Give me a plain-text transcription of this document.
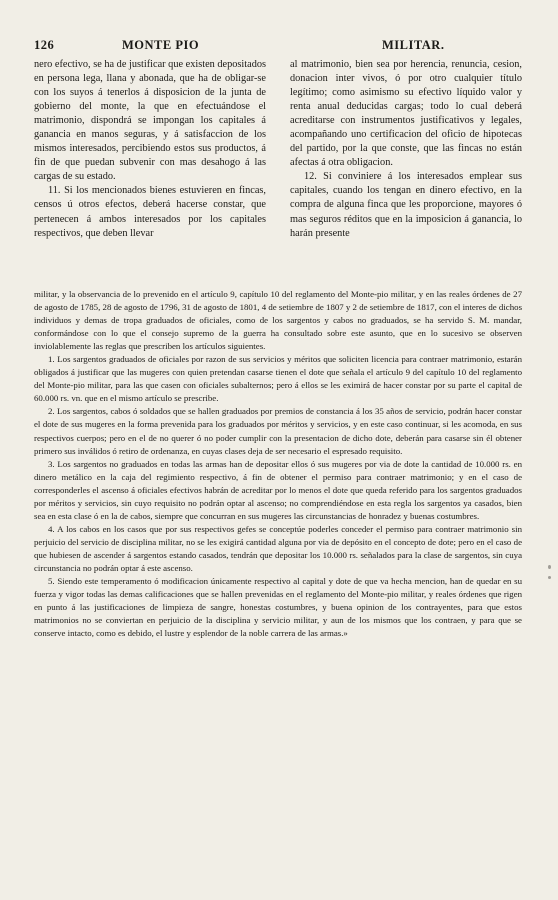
126	MONTE PIO	MILITAR.

nero efectivo, se ha de justificar que existen depositados en persona lega, llana y abonada, que ha de obligar-se con los suyos á tenerlos á disposicion de la junta de gobierno del monte, la que en efectuándose el matrimonio, dispondrá se impongan los capitales á ganancia en manos seguras, y á satisfaccion de los mismos interesados, percibiendo estos sus productos, á fin de que puedan subvenir con mas desahogo á las cargas de su estado.

11. Si los mencionados bienes estuvieren en fincas, censos ú otros efectos, deberá hacerse constar, que pertenecen á ambos interesados por los capitales respectivos, que deben llevar

al matrimonio, bien sea por herencia, renuncia, cesion, donacion inter vivos, ó por otro cualquier título legítimo; como asimismo su efectivo líquido valor y renta anual deducidas cargas; todo lo cual deberá acreditarse con instrumentos justificativos y legales, acompañando uno certificacion del oficio de hipotecas del partido, por la que conste, que las fincas no están afectas á otra obligacion.

12. Si conviniere á los interesados emplear sus capitales, cuando los tengan en dinero efectivo, en la compra de alguna finca que les proporcione, mayores ó mas seguros réditos que en la imposicion á ganancia, lo harán presente

militar, y la observancia de lo prevenido en el artículo 9, capítulo 10 del reglamento del Monte-pio militar, y en las reales órdenes de 27 de agosto de 1785, 28 de agosto de 1796, 31 de agosto de 1801, 4 de setiembre de 1807 y 2 de setiembre de 1817, con el interes de dichos individuos y demas de tropa graduados de oficiales, como de los sargentos y cabos no graduados, se ha servido S. M. mandar, conformándose con lo que el consejo supremo de la guerra ha consultado sobre este asunto, que en lo sucesivo se observen inviolablemente las reglas que prescriben los artículos siguientes.

1. Los sargentos graduados de oficiales por razon de sus servicios y méritos que soliciten licencia para contraer matrimonio, estarán obligados á justificar que las mugeres con quien pretendan casarse tienen el dote que señala el artículo 9 del capítulo 10 del reglamento del Monte-pio militar, para las que casen con oficiales subalternos; pero á ellos se les eximirá de hacer constar por su parte el capital de 60.000 rs. vn. que en el mismo artículo se prescribe.

2. Los sargentos, cabos ó soldados que se hallen graduados por premios de constancia á los 35 años de servicio, podrán hacer constar el dote de sus mugeres en la forma prevenida para los graduados por méritos y servicios, y en este caso continuar, si les acomoda, en sus respectivos cuerpos; pero en el de no querer ó no poder cumplir con la presentacion de dicho dote, deberán para casarse sin él obtener primero sus inválidos ó retiro de ordenanza, en cuyas clases deja de ser necesario el espresado requisito.

3. Los sargentos no graduados en todas las armas han de depositar ellos ó sus mugeres por via de dote la cantidad de 10.000 rs. en dinero metálico en la caja del regimiento respectivo, á fin de obtener el permiso para contraer matrimonio; y en el caso de corresponderles el ascenso á oficiales efectivos habrán de acreditar por lo menos el dote que queda referido para los sargentos graduados por méritos y servicios, sin cuyo requisito no podrán optar al ascenso; no comprendiéndose en esta regla los sargentos ya casados, bien sea en esta clase ó en la de cabos, siempre que concurran en sus mugeres las circunstancias de honradez y buenas costumbres.

4. A los cabos en los casos que por sus respectivos gefes se conceptúe poderles conceder el permiso para contraer matrimonio sin perjuicio del servicio de disciplina militar, no se les exigirá cantidad alguna por via de depósito en el concepto de dote; pero en el caso de que hubiesen de ascender á sargentos estando casados, tendrán que depositar los 10.000 rs. señalados para la clase de sargentos, sin cuya circunstancia no podrán optar á este ascenso.

5. Siendo este temperamento ó modificacion únicamente respectivo al capital y dote de que va hecha mencion, han de quedar en su fuerza y vigor todas las demas calificaciones que se hallen prevenidas en el reglamento del Monte-pio militar, y reales órdenes que rigen en punto á las justificaciones de limpieza de sangre, honestas costumbres, y buena opinion de los contrayentes, para que estos matrimonios no se conviertan en perjuicio de la disciplina y servicio militar, y aun de los mismos que los contraen, y para que se conserve intacto, como es debido, el lustre y esplendor de la noble carrera de las armas.»
